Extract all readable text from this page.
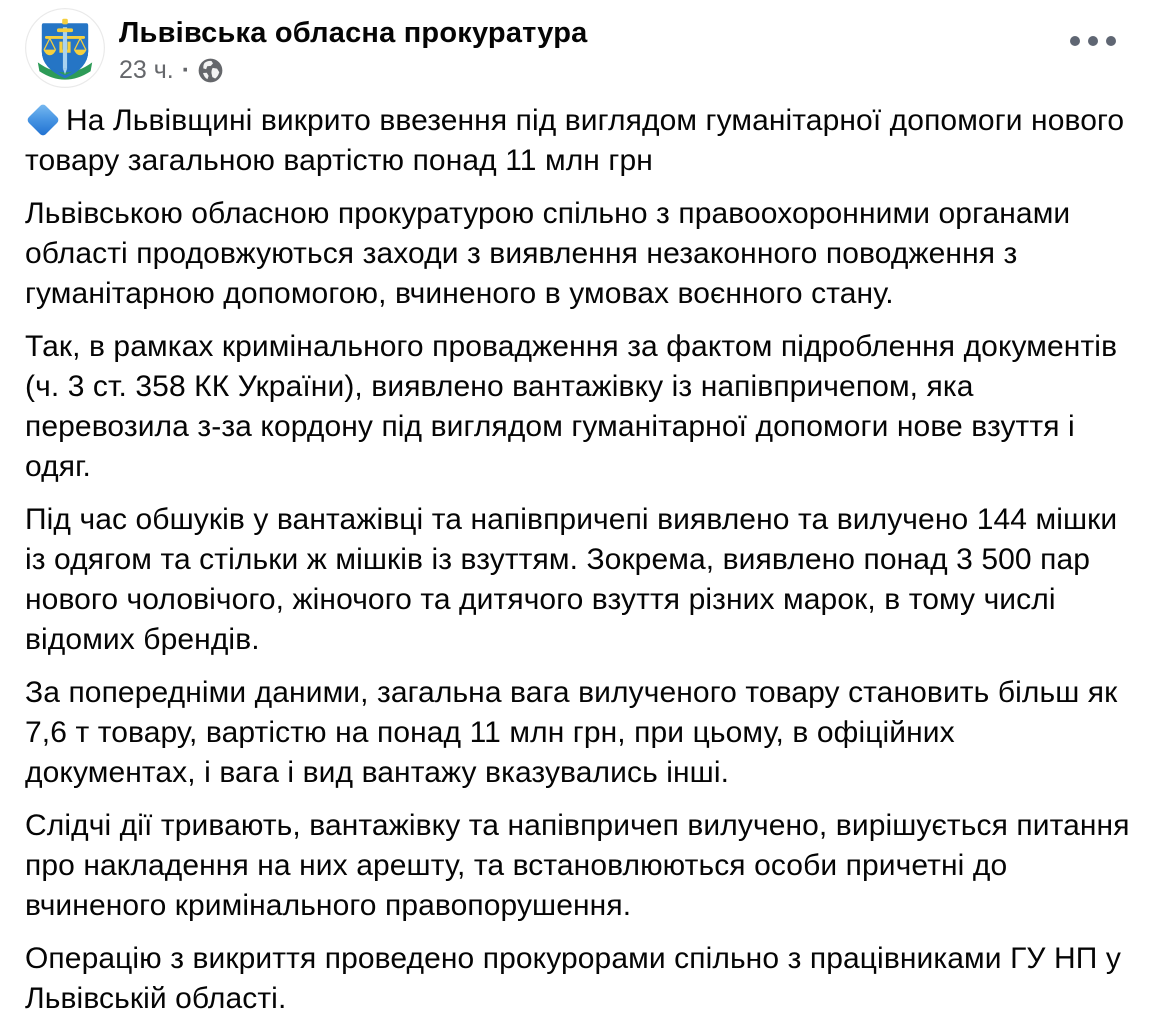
Львівська обласна прокуратура
23 ч. ·

На Львівщині викрито ввезення під виглядом гуманітарної допомоги нового товару загальною вартістю понад 11 млн грн

Львівською обласною прокуратурою спільно з правоохоронними органами області продовжуються заходи з виявлення незаконного поводження з гуманітарною допомогою, вчиненого в умовах воєнного стану.

Так, в рамках кримінального провадження за фактом підроблення документів (ч. 3 ст. 358 КК України), виявлено вантажівку із напівпричепом, яка перевозила з-за кордону під виглядом гуманітарної допомоги нове взуття і одяг.

Під час обшуків у вантажівці та напівпричепі виявлено та вилучено 144 мішки із одягом та стільки ж мішків із взуттям. Зокрема, виявлено понад 3 500 пар нового чоловічого, жіночого та дитячого взуття різних марок, в тому числі відомих брендів.

За попередніми даними, загальна вага вилученого товару становить більш як 7,6 т товару, вартістю на понад 11 млн грн, при цьому, в офіційних документах, і вага і вид вантажу вказувались інші.

Слідчі дії тривають, вантажівку та напівпричеп вилучено, вирішується питання про накладення на них арешту, та встановлюються особи причетні до вчиненого кримінального правопорушення.

Операцію з викриття проведено прокурорами спільно з працівниками ГУ НП у Львівській області.
